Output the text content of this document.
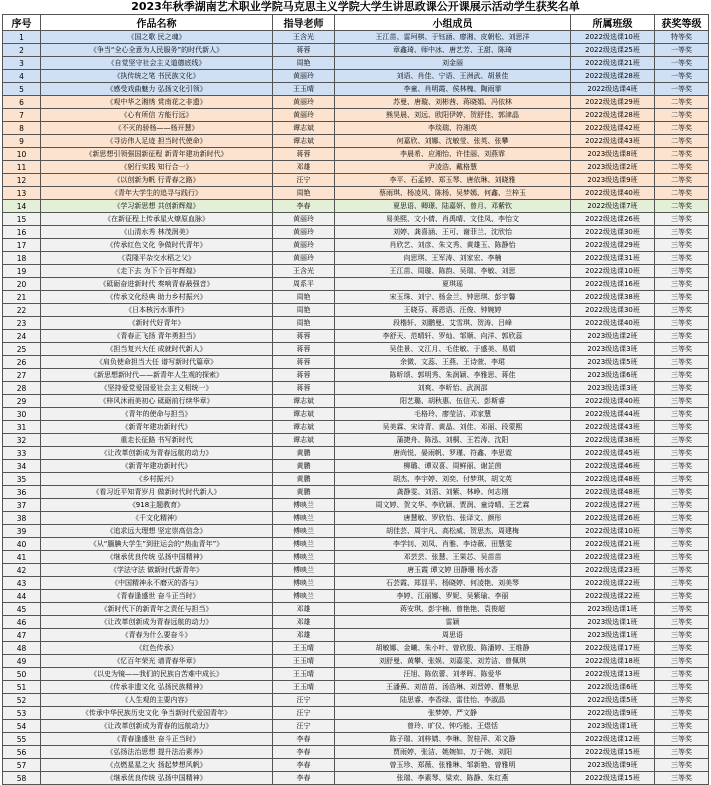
2023年秋季湖南艺术职业学院马克思主义学院大学生讲思政课公开课展示活动学生获奖名单
序号	作品名称	指导老师	小组成员	所属班级	获奖等级
1	《国之歌 民之魂》	王含光	王江苗、雷珂棋、于钰涵、廖湘、皮朝松、刘思洋	2022级选课10班	特等奖
2	《争当“全心全意为人民服务”的时代新人》	蒋蓉	章鑫琦、师中冰、唐艺芳、王甜、陈琦	2022级选课25班	一等奖
3	《自觉坚守社会主义道德底线》	周艳	刘金丽	2022级选课21班	一等奖
4	《执传统之笔 书民族文化》	黄丽玲	刘语、肖佳、宁语、王洲武、胡景佳	2022级选课28班	一等奖
5	《感受戏曲魅力 弘扬文化引领》	王玉晴	李童、肖明霞、侯林槐、陶雨霏	2022级选课4班	一等奖
6	《观中华之湘绣 赏南花之非遗》	黄丽玲	苏曼、唐璇、刘彬茜、蒋晓娟、冯依林	2022级选课29班	二等奖
7	《心有所信 方能行远》	黄丽玲	熊昊晨、刘远、欧阳伊婷、贺舒佳、郭津晶	2022级选课28班	二等奖
8	《不灭的骄杨——杨开慧》	谭志斌	李琰瑞、符湘英	2022级选课42班	二等奖
9	《寻访伟人足迹 担当时代使命》	谭志斌	何嘉欣、刘娜、沈敏莹、张英、张攀	2022级选课43班	二等奖
10	《新思想引领强国新征程 新青年建功新时代》	蒋蓉	李晨希、应湘怡、许佳丽、刘燕霏	2023级选课8班	二等奖
11	《躬行实践 知行合一》	邓雄	尹凌浩、戴格慧	2023级选课2班	二等奖
12	《以创新为帆 行青春之路》	汪宁	李平、石孟婷、郑玉琴、唐依琳、刘晓雅	2023级选课9班	二等奖
13	《青年大学生的追寻与践行》	周艳	蔡雨琪、杨凌风、陈杨、吴梦嫣、何鑫、兰梓玉	2022级选课40班	二等奖
14	《学习新思想 共创新辉煌》	李春	夏思语、卿璟、陆嘉妍、曾月、邓紫钦	2022级选课7班	二等奖
15	《在新征程上传承星火燎原血脉》	黄丽玲	易美熙、文小倩、肖禹晴、文佳凤、李怡文	2022级选课26班	三等奖
16	《山清水秀 林茂润美》	黄丽玲	刘婷、龚喜涵、王可、谢菲兰、沈欣怡	2022级选课30班	三等奖
17	《传承红色文化 争做时代青年》	黄丽玲	肖欣艺、刘彦、朱文秀、黄雄玉、陈静怡	2022级选课29班	三等奖
18	《袁隆平杂交水稻之父》	黄丽玲	向思琪、王军涛、刘家宏、李楠	2022级选课31班	三等奖
19	《走下去 为下个百年辉煌》	王含光	王江苗、周璇、陈韵、吴瑞、李敏、刘思	2022级选课10班	三等奖
20	《砥砺奋进新时代 奏响青春最强音》	周系平	夏琪瑶	2022级选课16班	三等奖
21	《传承文化经典 助力乡村振兴》	周艳	宋玉珠、刘宁、杨金兰、钟思琪、彭宇馨	2022级选课38班	三等奖
22	《日本核污水事件》	周艳	王晓芬、蒋恩语、汪俊、钟婉婷	2022级选课30班	三等奖
23	《新时代好青年》	周艳	段楷轩、刘鹏曼、艾雪琪、贺涛、吕峰	2022级选课40班	三等奖
24	《青春正飞扬 青年勇担当》	蒋蓉	李舒天、范晴轩、罗灿、邹顺、向洋、郭欣蕊	2023级选课2班	三等奖
25	《担当复兴大任 成就时代新人》	蒋蓉	吴佳景、文江月、毛佳敏、于盛美、易娟	2023级选课3班	三等奖
26	《肩负使命担当大任 谱写新时代篇章》	蒋蓉	余微、文蕊、王燕、王诗萱、李珺	2023级选课5班	三等奖
27	《新思想新时代——新青年人生观的探索》	蒋蓉	陈昕颂、郭明秀、朱润颖、李雅思、蒋佳	2023级选课6班	三等奖
28	《坚持爱党爱国爱社会主义相统一》	蒋蓉	刘爽、李昕怡、武润邵	2023级选课3班	三等奖
29	《梓风沐雨美初心 砥砺前行续华章》	谭志斌	阳艺璐、胡秋惠、伍信天、彭斯睿	2022级选课40班	三等奖
30	《青年的使命与担当》	谭志斌	毛格玲、廖莹洁、邓家慧	2022级选课44班	三等奖
31	《新青年建功新时代》	谭志斌	吴美霖、宋诗青、黄晶、刘佳、邓丽、段蒙熙	2022级选课43班	三等奖
32	重走长征路 书写新时代	谭志斌	蒲捷舟、陈泓、刘桐、王若涛、沈阳	2022级选课38班	三等奖
33	《让改革创新成为青春远航的动力》	黄鹏	唐尚悦、晏雨帆、罗瑾、符鑫、李思霓	2022级选课45班	三等奖
34	《新青年建功新时代》	黄鹏	柳璐、谭双喜、周鲜丽、谢芷茵	2022级选课46班	三等奖
35	《乡村振兴》	黄鹏	胡杰、李宇婷、刘奕、付梦琪、胡文英	2022级选课48班	三等奖
36	《看习近平知青岁月 做新时代时代新人》	黄鹏	龚静雯、刘滔、刘紫、林峥、何志刚	2022级选课48班	三等奖
37	《918主题教育》	傅映兰	周文婷、贺文华、李欣颖、贾润、童诗晴、王艺霖	2022级选课27班	三等奖
38	《千文化精神》	傅映兰	唐慧敏、罗欣怡、张译文、颜彤	2022级选课26班	三等奖
39	《追求远大理想 坚定崇高信念》	傅映兰	胡佳芸、周宇凡、高松威、贺思杰、周建梅	2022级选课10班	三等奖
40	《从“腼腆大学生”到驻运会的“热血青年”》	傅映兰	李学钊、刘凤、肖雅、李诗薇、田慧雯	2022级选课21班	三等奖
41	《继承优良传统 弘扬中国精神》	傅映兰	邓芸芸、张慧、王果芯、吴苗苗	2022级选课23班	三等奖
42	《学法守法 做新时代新青年》	傅映兰	唐玉霞 谭文婷 田静珊 杨水香	2022级选课23班	三等奖
43	《中国精神永不磨灭的香与》	傅映兰	石芸霞、郑显平、杨晓婷、何凌艳、刘美琴	2022级选课22班	三等奖
44	《青春逢盛世 奋斗正当时》	傅映兰	李婷、江丽娜、罗妮、吴紫瑜、李丽	2022级选课22班	三等奖
45	《新时代下的新青年之责任与担当》	邓雄	蒋安琪、彭宇楠、曾艳艳、袁俊超	2023级选课1班	三等奖
46	《让改革创新成为青春远航的动力》	邓雄	雷颖	2023级选课1班	三等奖
47	《青春为什么要奋斗》	邓雄	周思语	2023级选课1班	三等奖
48	《红色传承》	王玉晴	胡敏娜、金曦、朱小叶、曾欣殷、陈潘婷、王维静	2022级选课17班	三等奖
49	《忆百年荣光 谱青春华章》	王玉晴	刘舒曼、黄攀、张娱、刘嘉雯、刘芳洁、曾佩琪	2022级选课18班	三等奖
50	《以史为镜——我们的民族自苦难中成长》	王玉晴	汪旭、陈依蕾、刘孝晖、陈爱华	2022级选课13班	三等奖
51	《传承非遗文化 弘扬民族精神》	王玉晴	王潘蕉、刘苗苗、汤浩琳、刘晋婷、曹集思	2022级选课6班	三等奖
52	《人生观的主要内容》	汪宁	陆思睿、李香绿、雷佳怡、李淑晶	2022级选课5班	三等奖
53	《传承中华民族历史文化 争当新时代爱国青年》	汪宁	张梦婷、严文静	2022级选课9班	三等奖
54	《让改革创新成为青春的远航动力》	汪宁	曾玲、旷仪、钟巧能、王煜恬	2023级选课1班	三等奖
55	《青春逢盛世 奋斗正当时》	李春	陈子瑞、刘梓婧、李琳、贺桂萍、邓文静	2022级选课12班	三等奖
56	《弘扬法治思想 提升法治素养》	李春	贾雨婷、张洁、姚婉如、万子婉、刘阳	2022级选课15班	三等奖
57	《点燃星星之火 扬起梦想风帆》	李春	曾玉珍、郑薇、张雅琳、邹新艳、曾雅明	2023级选课9班	三等奖
58	《继承优良传统 弘扬中国精神》	李春	张瑞、李素琴、梁欢、陈静、朱红燕	2022级选课15班	三等奖
